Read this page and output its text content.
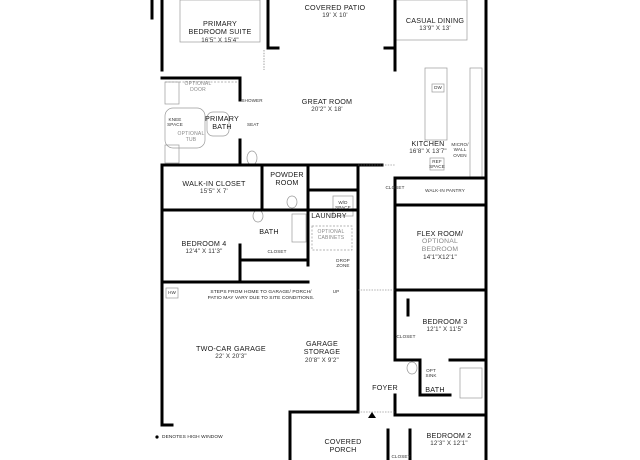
PRIMARY
BEDROOM SUITE
16'5" X 15'4"
COVERED PATIO
19' X 10'
CASUAL DINING
13'9" X 13'
GREAT ROOM
20'2" X 18'
PRIMARY
BATH
KITCHEN
16'8" X 13'7"
POWDER
ROOM
WALK-IN CLOSET
15'5" X 7'	WALK-IN PANTRY
LAUNDRY
FLEX ROOM/
OPTIONAL
BEDROOM
14'1"X12'1"
BEDROOM 4
12'4" X 11'3"
BATH
TWO-CAR GARAGE
22' X 20'3"
GARAGE
STORAGE
20'8" X 9'2"
BEDROOM 3
12'1" X 11'5"
FOYER	BATH
COVERED
PORCH
BEDROOM 2
12'3" X 12'1"
OPTIONAL
DOOR
SHOWER
KNEE
SPACE	SEAT
OPTIONAL
TUB
DW
MICRO/
WALL
OVEN
REF
SPACE
CLOSET
W/D
SPACE
OPTIONAL
CABINETS
CLOSET
DROP
ZONE
CLOSET
OPT
SINK
CLOSET
HW	UP
STEPS FROM HOME TO GARAGE/ PORCH/
PATIO MAY VARY DUE TO SITE CONDITIONS.
DENOTES HIGH WINDOW
